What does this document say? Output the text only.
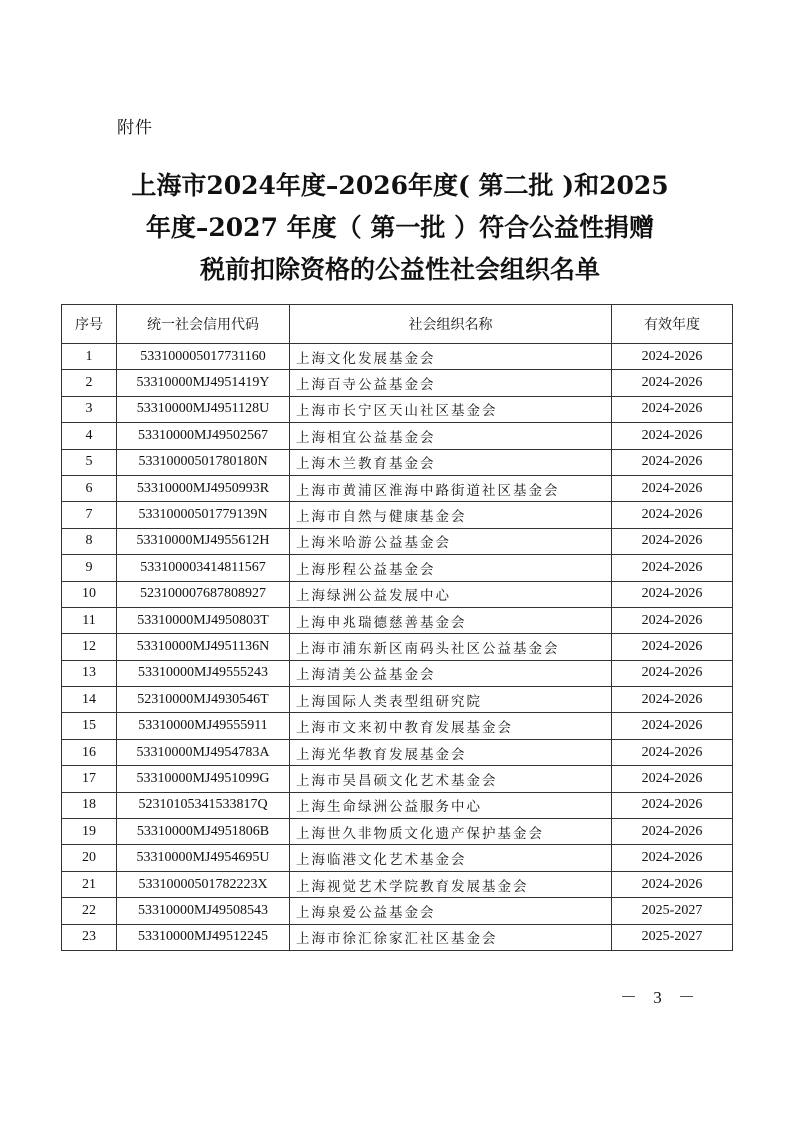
附件
上海市2024年度–2026年度( 第二批 )和2025
年度–2027 年度（ 第一批 ）符合公益性捐赠
税前扣除资格的公益性社会组织名单
序号	统一社会信用代码	社会组织名称	有效年度
1	533100005017731160	上海文化发展基金会	2024-2026
2	53310000MJ4951419Y	上海百寺公益基金会	2024-2026
3	53310000MJ4951128U	上海市长宁区天山社区基金会	2024-2026
4	53310000MJ49502567	上海相宜公益基金会	2024-2026
5	53310000501780180N	上海木兰教育基金会	2024-2026
6	53310000MJ4950993R	上海市黄浦区淮海中路街道社区基金会	2024-2026
7	53310000501779139N	上海市自然与健康基金会	2024-2026
8	53310000MJ4955612H	上海米哈游公益基金会	2024-2026
9	533100003414811567	上海彤程公益基金会	2024-2026
10	523100007687808927	上海绿洲公益发展中心	2024-2026
11	53310000MJ4950803T	上海申兆瑞德慈善基金会	2024-2026
12	53310000MJ4951136N	上海市浦东新区南码头社区公益基金会	2024-2026
13	53310000MJ49555243	上海清美公益基金会	2024-2026
14	52310000MJ4930546T	上海国际人类表型组研究院	2024-2026
15	53310000MJ49555911	上海市文来初中教育发展基金会	2024-2026
16	53310000MJ4954783A	上海光华教育发展基金会	2024-2026
17	53310000MJ4951099G	上海市吴昌硕文化艺术基金会	2024-2026
18	52310105341533817Q	上海生命绿洲公益服务中心	2024-2026
19	53310000MJ4951806B	上海世久非物质文化遗产保护基金会	2024-2026
20	53310000MJ4954695U	上海临港文化艺术基金会	2024-2026
21	53310000501782223X	上海视觉艺术学院教育发展基金会	2024-2026
22	53310000MJ49508543	上海泉爱公益基金会	2025-2027
23	53310000MJ49512245	上海市徐汇徐家汇社区基金会	2025-2027
－ 3 －
